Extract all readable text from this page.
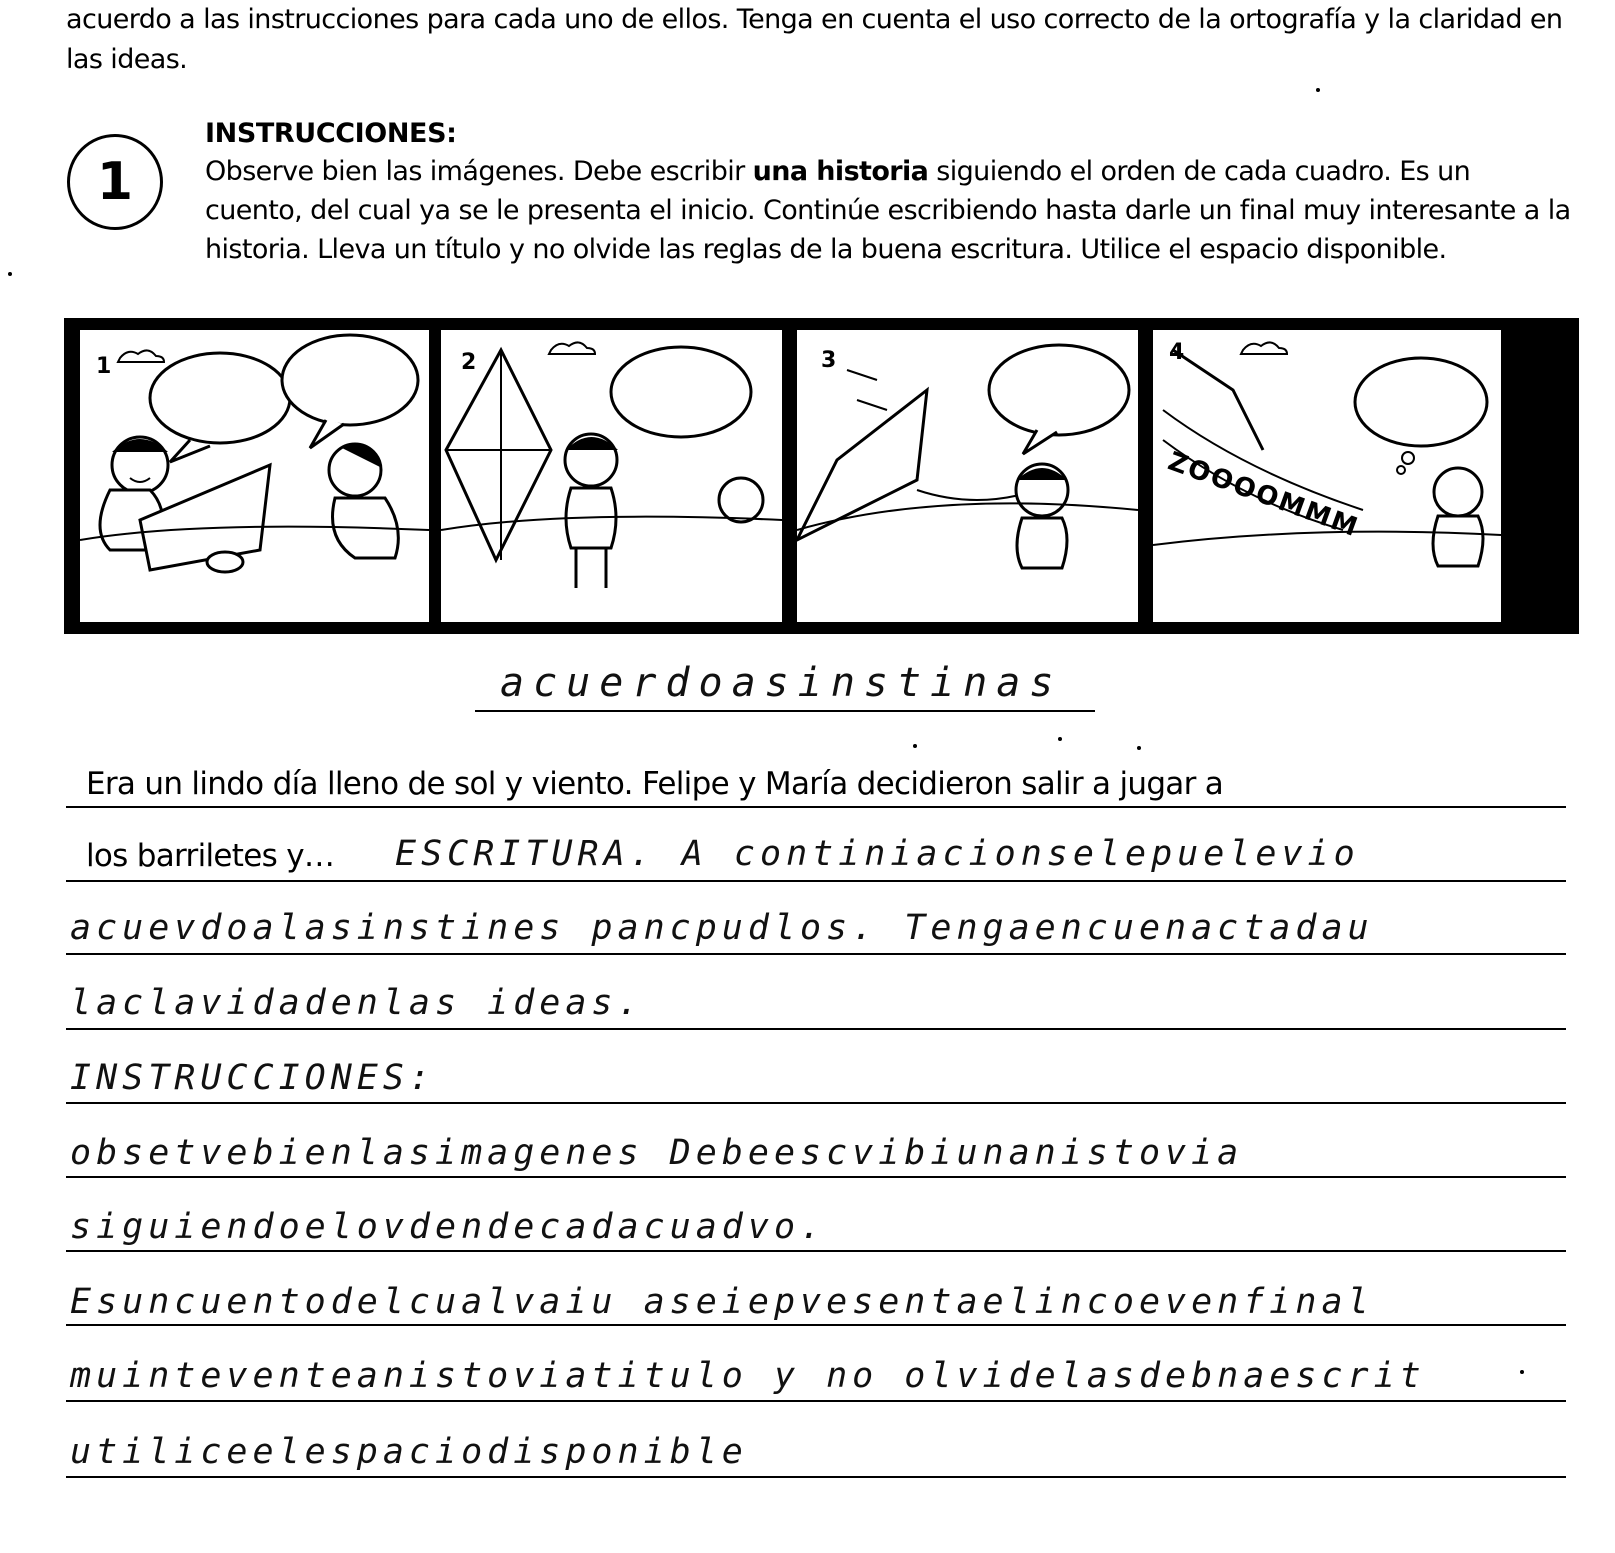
acuerdo a las instrucciones para cada uno de ellos. Tenga en cuenta el uso correcto de la ortografía y la claridad en las ideas.
1
INSTRUCCIONES:
Observe bien las imágenes. Debe escribir una historia siguiendo el orden de cada cuadro. Es un cuento, del cual ya se le presenta el inicio. Continúe escribiendo hasta darle un final muy interesante a la historia. Lleva un título y no olvide las reglas de la buena escritura. Utilice el espacio disponible.
1	2	3	4
ZOOOOMMM
acuerdoasinstinas
Era un lindo día lleno de sol y viento. Felipe y María decidieron salir a jugar a
los barriletes y… ESCRITURA. A continiacionselepuelevio
acuevdoalasinstines pancpudlos. Tengaencuenactadau
laclavidadenlas ideas.
INSTRUCCIONES:
obsetvebienlasimagenes Debeescvibiunanistovia
siguiendoelovdendecadacuadvo.
Esuncuentodelcualvaiu aseiepvesentaelincoevenfinal
muinteventeanistoviatitulo y no olvidelasdebnaescrit
utiliceelespaciodisponible
